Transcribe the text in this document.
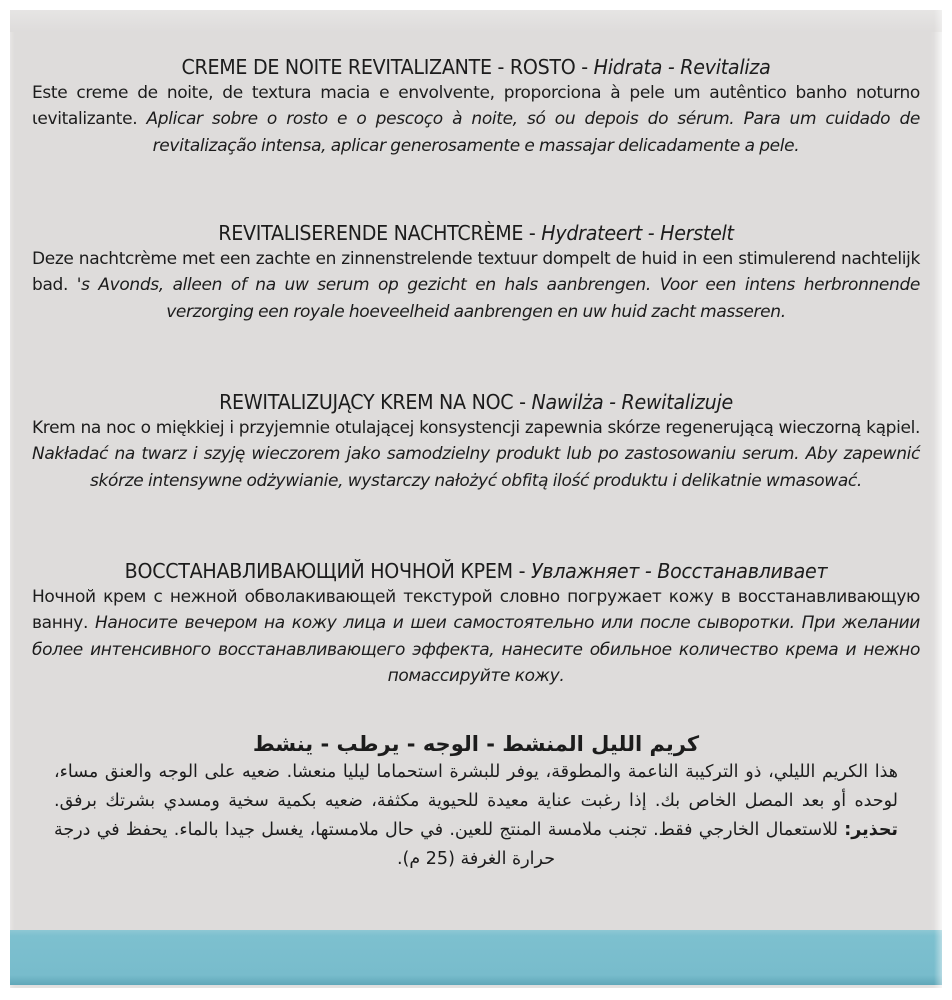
CREME DE NOITE REVITALIZANTE - ROSTO - Hidrata - Revitaliza

Este creme de noite, de textura macia e envolvente, proporciona à pele um autêntico banho noturno ɩevitalizante. Aplicar sobre o rosto e o pescoço à noite, só ou depois do sérum. Para um cuidado de revitalização intensa, aplicar generosamente e massajar delicadamente a pele.

REVITALISERENDE NACHTCRÈME - Hydrateert - Herstelt

Deze nachtcrème met een zachte en zinnenstrelende textuur dompelt de huid in een stimulerend nachtelijk bad. 's Avonds, alleen of na uw serum op gezicht en hals aanbrengen. Voor een intens herbronnende verzorging een royale hoeveelheid aanbrengen en uw huid zacht masseren.

REWITALIZUJĄCY KREM NA NOC - Nawilża - Rewitalizuje

Krem na noc o miękkiej i przyjemnie otulającej konsystencji zapewnia skórze regenerującą wieczorną kąpiel. Nakładać na twarz i szyję wieczorem jako samodzielny produkt lub po zastosowaniu serum. Aby zapewnić skórze intensywne odżywianie, wystarczy nałożyć obfitą ilość produktu i delikatnie wmasować.

ВОССТАНАВЛИВАЮЩИЙ НОЧНОЙ КРЕМ - Увлажняет - Восстанавливает

Ночной крем с нежной обволакивающей текстурой словно погружает кожу в восстанавливающую ванну. Наносите вечером на кожу лица и шеи самостоятельно или после сыворотки. При желании более интенсивного восстанавливающего эффекта, нанесите обильное количество крема и нежно помассируйте кожу.

كريم الليل المنشط - الوجه - يرطب - ينشط

هذا الكريم الليلي، ذو التركيبة الناعمة والمطوقة، يوفر للبشرة استحماما ليليا منعشا. ضعيه على الوجه والعنق مساء، لوحده أو بعد المصل الخاص بك. إذا رغبت عناية معيدة للحيوية مكثفة، ضعيه بكمية سخية ومسدي بشرتك برفق. تحذير: للاستعمال الخارجي فقط. تجنب ملامسة المنتج للعين. في حال ملامستها، يغسل جيدا بالماء. يحفظ في درجة حرارة الغرفة (25 م).
